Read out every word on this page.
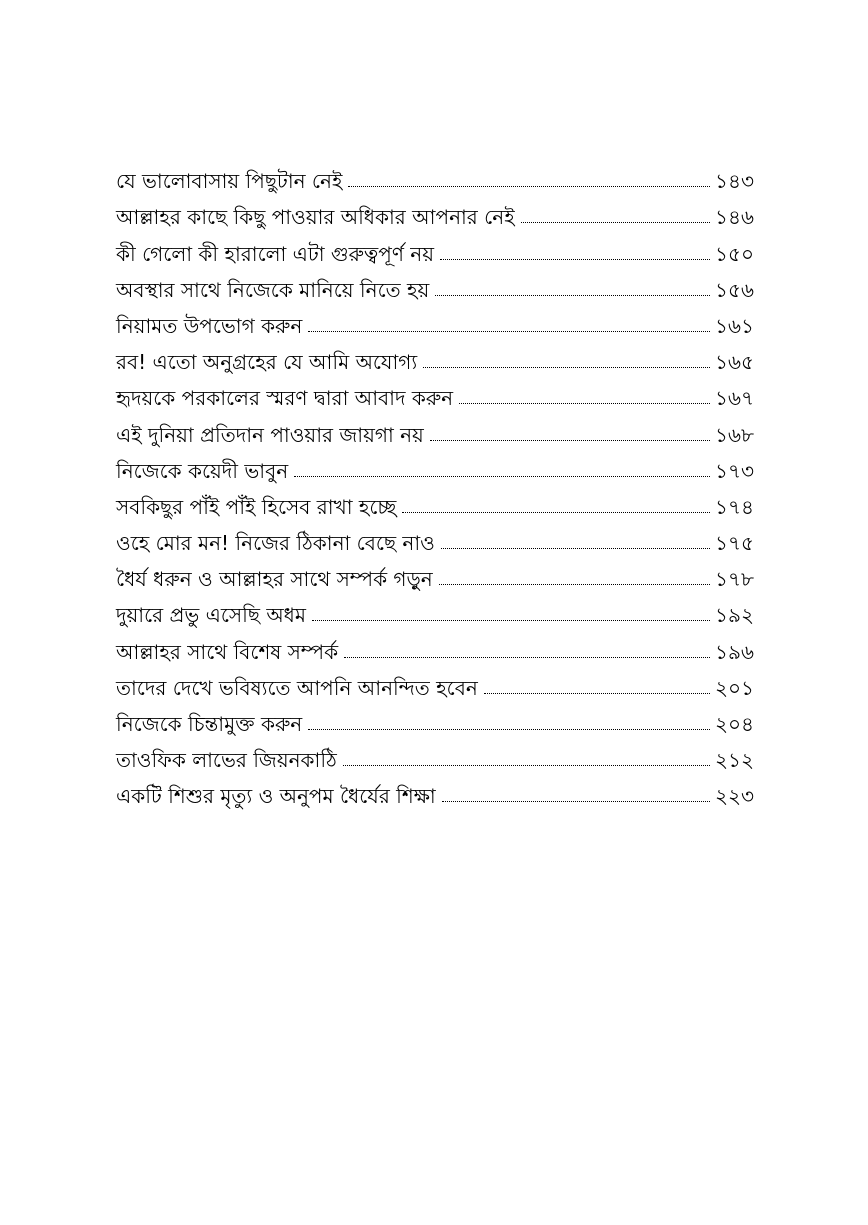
যে ভালোবাসায় পিছুটান নেই	১৪৩
আল্লাহর কাছে কিছু পাওয়ার অধিকার আপনার নেই	১৪৬
কী গেলো কী হারালো এটা গুরুত্বপূর্ণ নয়	১৫০
অবস্থার সাথে নিজেকে মানিয়ে নিতে হয়	১৫৬
নিয়ামত উপভোগ করুন	১৬১
রব! এতো অনুগ্রহের যে আমি অযোগ্য	১৬৫
হৃদয়কে পরকালের স্মরণ দ্বারা আবাদ করুন	১৬৭
এই দুনিয়া প্রতিদান পাওয়ার জায়গা নয়	১৬৮
নিজেকে কয়েদী ভাবুন	১৭৩
সবকিছুর পাঁই পাঁই হিসেব রাখা হচ্ছে	১৭৪
ওহে মোর মন! নিজের ঠিকানা বেছে নাও	১৭৫
ধৈর্য ধরুন ও আল্লাহর সাথে সম্পর্ক গড়ুন	১৭৮
দুয়ারে প্রভু এসেছি অধম	১৯২
আল্লাহর সাথে বিশেষ সম্পর্ক	১৯৬
তাদের দেখে ভবিষ্যতে আপনি আনন্দিত হবেন	২০১
নিজেকে চিন্তামুক্ত করুন	২০৪
তাওফিক লাভের জিয়নকাঠি	২১২
একটি শিশুর মৃত্যু ও অনুপম ধৈর্যের শিক্ষা	২২৩
